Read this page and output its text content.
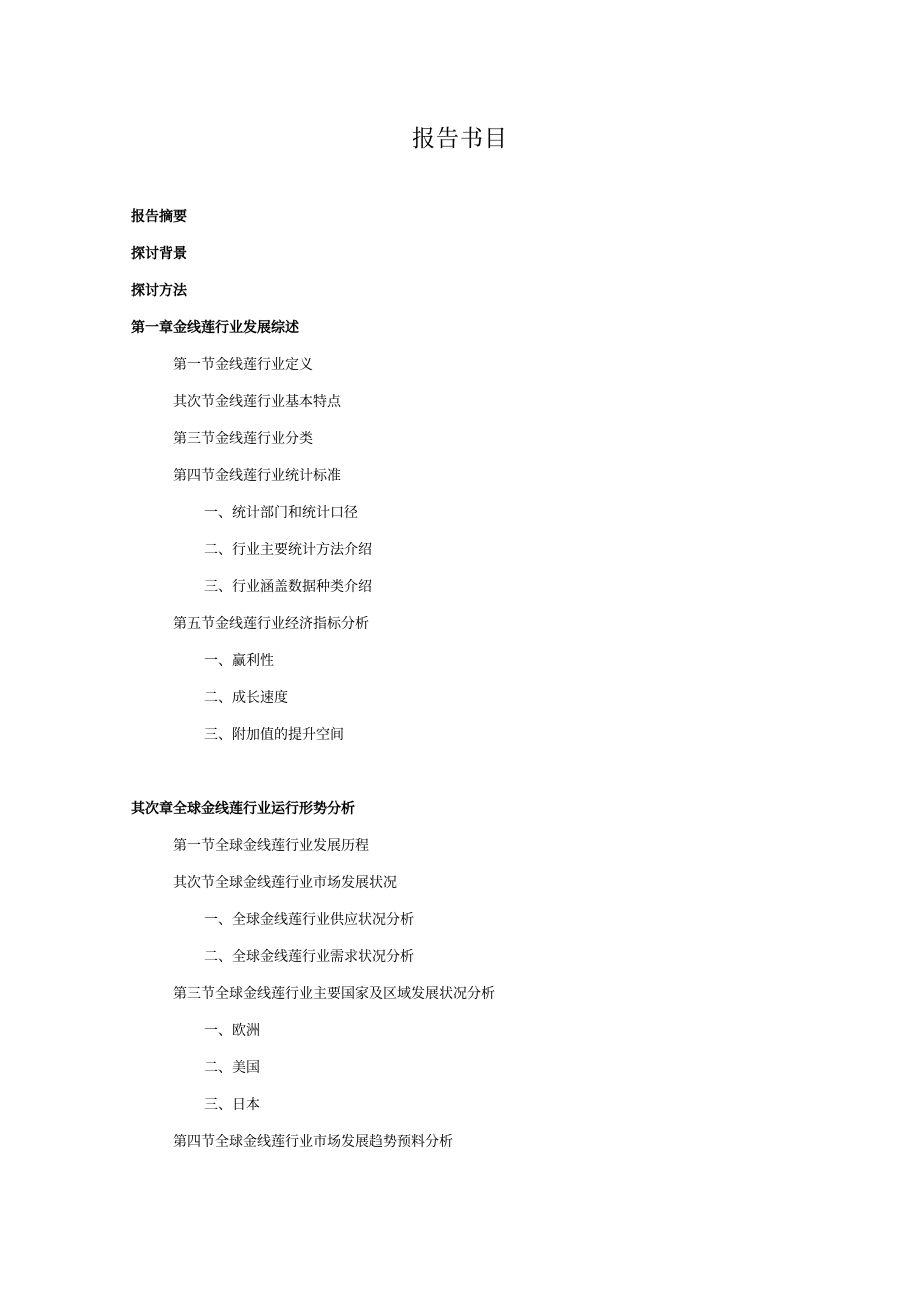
报告书目
报告摘要
探讨背景
探讨方法
第一章金线莲行业发展综述
第一节金线莲行业定义
其次节金线莲行业基本特点
第三节金线莲行业分类
第四节金线莲行业统计标准
一、统计部门和统计口径
二、行业主要统计方法介绍
三、行业涵盖数据种类介绍
第五节金线莲行业经济指标分析
一、赢利性
二、成长速度
三、附加值的提升空间
其次章全球金线莲行业运行形势分析
第一节全球金线莲行业发展历程
其次节全球金线莲行业市场发展状况
一、全球金线莲行业供应状况分析
二、全球金线莲行业需求状况分析
第三节全球金线莲行业主要国家及区域发展状况分析
一、欧洲
二、美国
三、日本
第四节全球金线莲行业市场发展趋势预料分析
